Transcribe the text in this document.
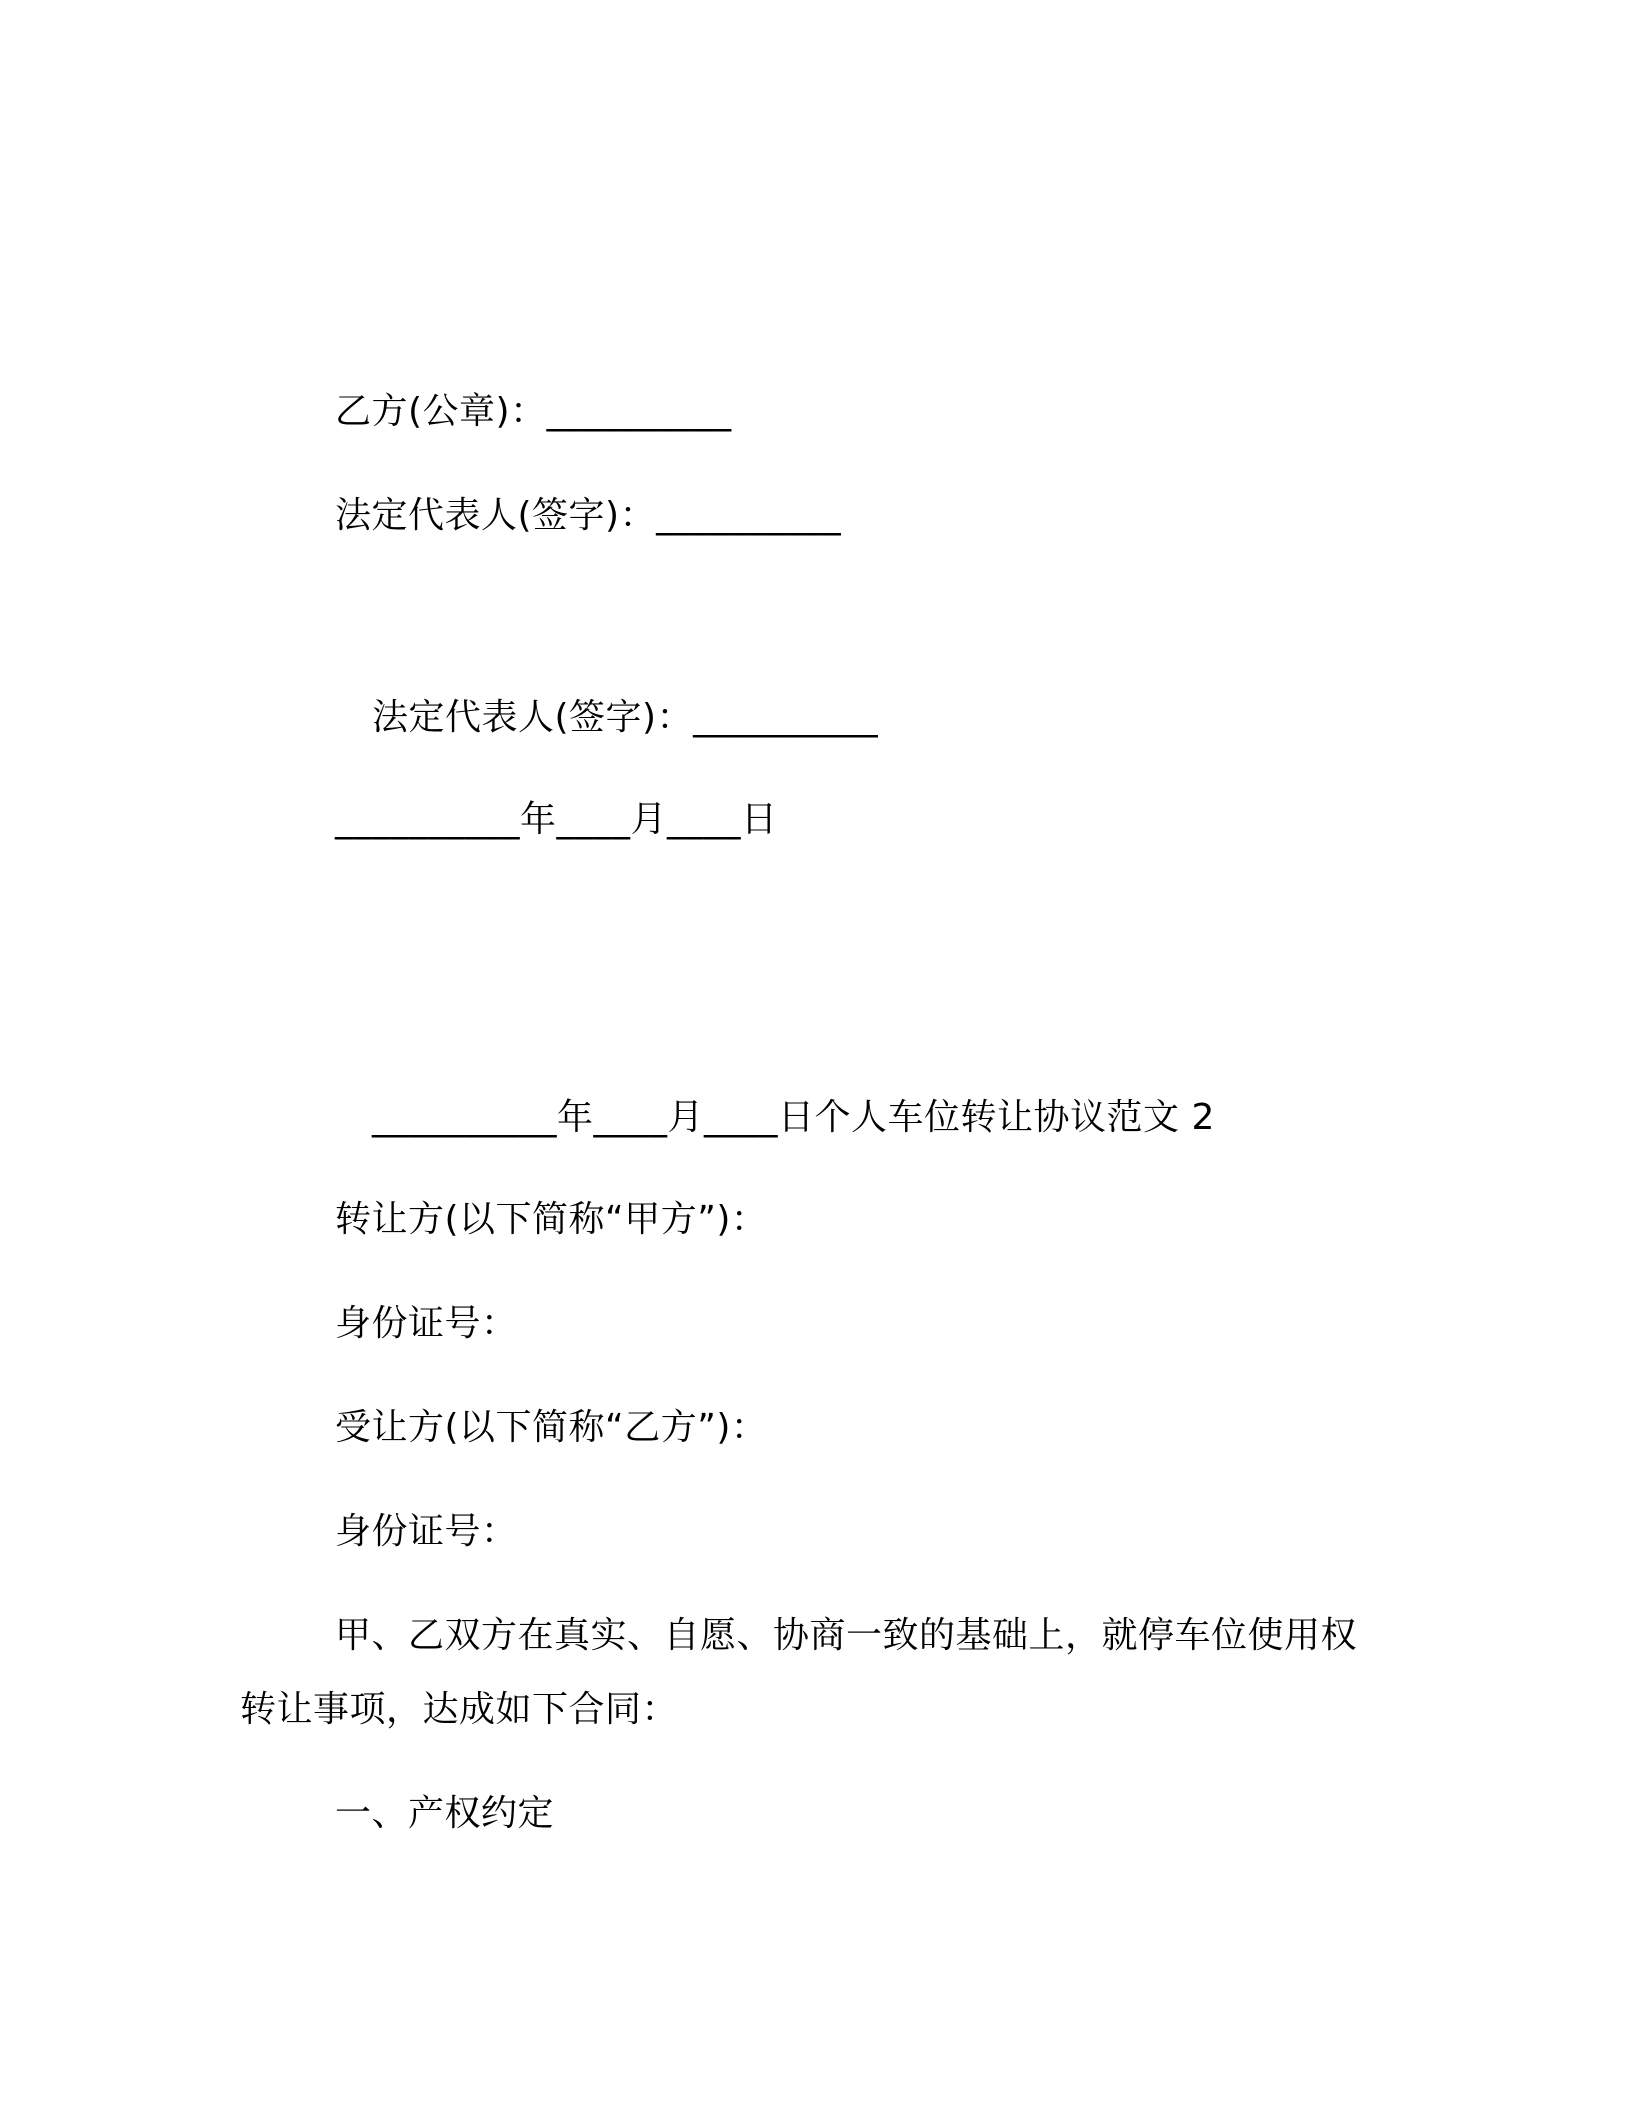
乙方(公章)：__________
法定代表人(签字)：__________
法定代表人(签字)：__________
__________年____月____日
__________年____月____日个人车位转让协议范文 2
转让方(以下简称“甲方”)：
身份证号：
受让方(以下简称“乙方”)：
身份证号：
甲、乙双方在真实、自愿、协商一致的基础上，就停车位使用权
转让事项，达成如下合同：
一、产权约定
